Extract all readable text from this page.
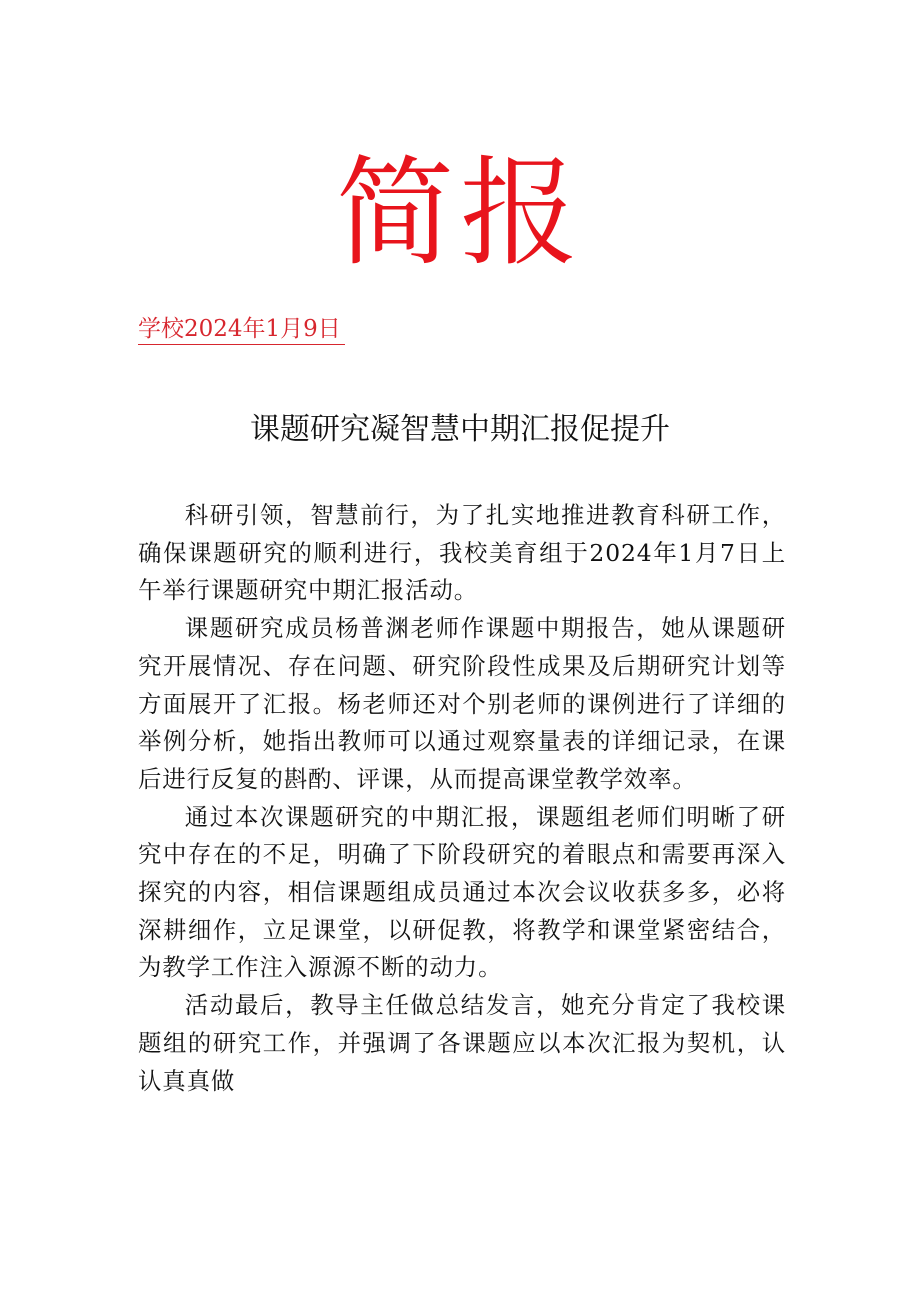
简报
学校2024年1月9日
课题研究凝智慧中期汇报促提升

科研引领，智慧前行，为了扎实地推进教育科研工作，确保课题研究的顺利进行，我校美育组于2024年1月7日上午举行课题研究中期汇报活动。

课题研究成员杨普渊老师作课题中期报告，她从课题研究开展情况、存在问题、研究阶段性成果及后期研究计划等方面展开了汇报。杨老师还对个别老师的课例进行了详细的举例分析，她指出教师可以通过观察量表的详细记录，在课后进行反复的斟酌、评课，从而提高课堂教学效率。

通过本次课题研究的中期汇报，课题组老师们明晰了研究中存在的不足，明确了下阶段研究的着眼点和需要再深入探究的内容，相信课题组成员通过本次会议收获多多，必将深耕细作，立足课堂，以研促教，将教学和课堂紧密结合，为教学工作注入源源不断的动力。

活动最后，教导主任做总结发言，她充分肯定了我校课题组的研究工作，并强调了各课题应以本次汇报为契机，认认真真做
